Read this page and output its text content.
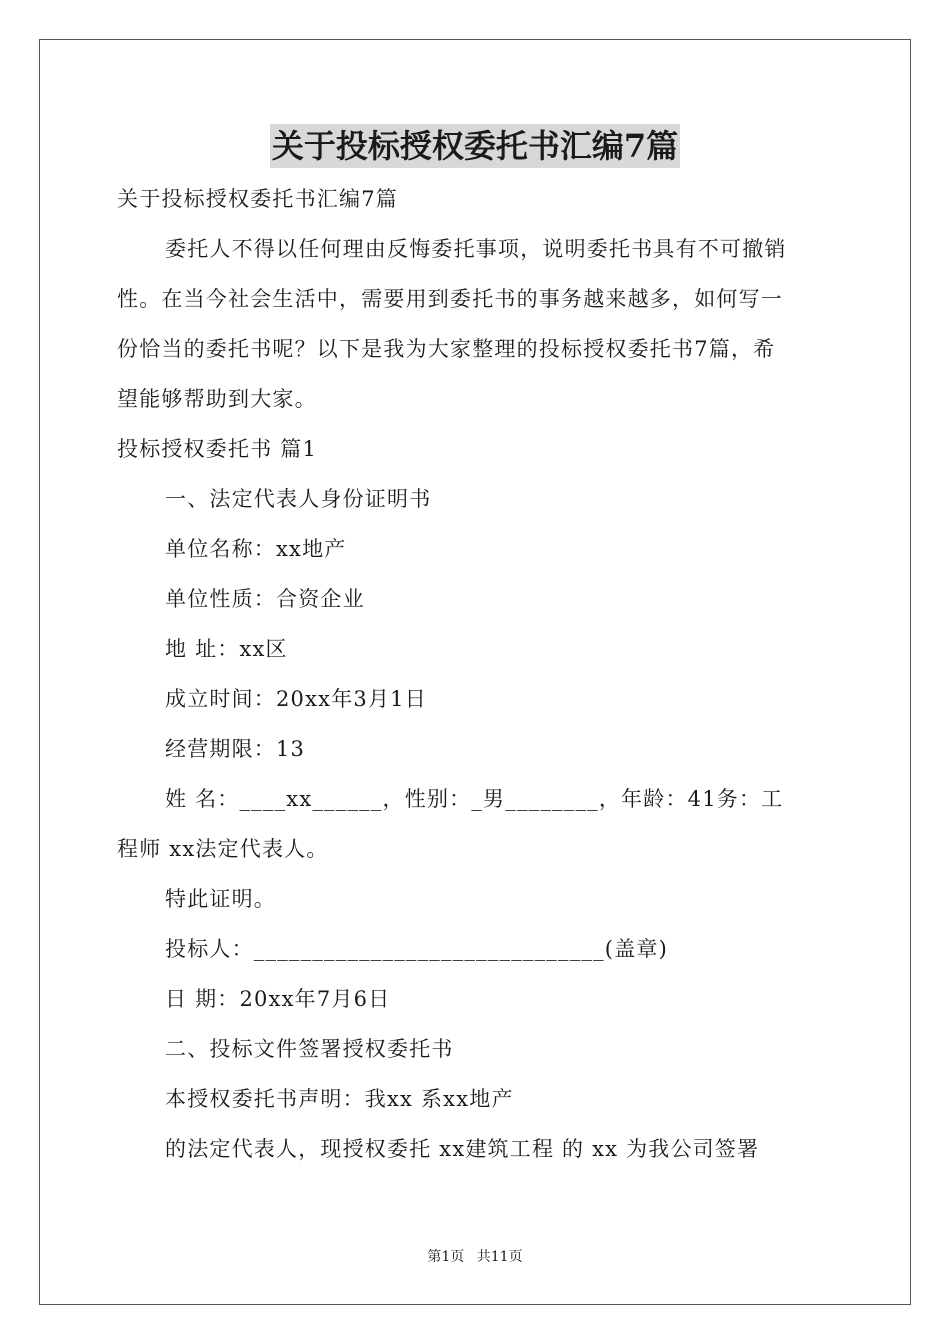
关于投标授权委托书汇编7篇
关于投标授权委托书汇编7篇
委托人不得以任何理由反悔委托事项，说明委托书具有不可撤销
性。在当今社会生活中，需要用到委托书的事务越来越多，如何写一
份恰当的委托书呢？以下是我为大家整理的投标授权委托书7篇，希
望能够帮助到大家。
投标授权委托书 篇1
一、法定代表人身份证明书
单位名称：xx地产
单位性质：合资企业
地 址：xx区
成立时间：20xx年3月1日
经营期限：13
姓 名：____xx______，性别：_男________，年龄：41务：工
程师 xx法定代表人。
特此证明。
投标人：______________________________(盖章)
日 期：20xx年7月6日
二、投标文件签署授权委托书
本授权委托书声明：我xx 系xx地产
的法定代表人，现授权委托 xx建筑工程 的 xx 为我公司签署
第1页 共11页
